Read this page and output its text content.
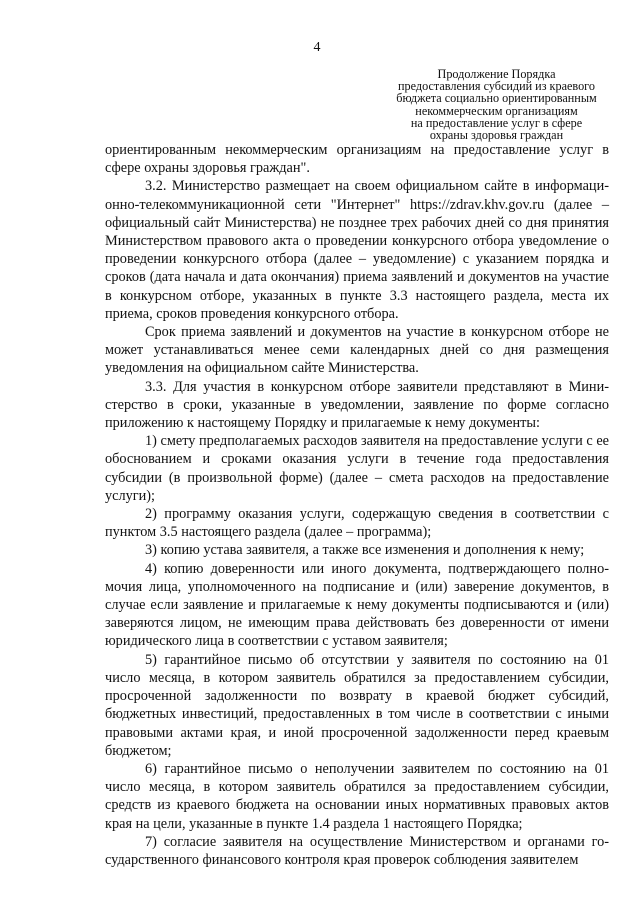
4
Продолжение Порядка
предоставления субсидий из краевого
бюджета социально ориентированным
некоммерческим организациям
на предоставление услуг в сфере
охраны здоровья граждан

ориентированным некоммерческим организациям на предоставление услуг в сфере охраны здоровья граждан".

3.2. Министерство размещает на своем официальном сайте в информационно-телекоммуникационной сети "Интернет" https://zdrav.khv.gov.ru (далее – официальный сайт Министерства) не позднее трех рабочих дней со дня принятия Министерством правового акта о проведении конкурсного отбора уведомление о проведении конкурсного отбора (далее – уведомление) с указанием порядка и сроков (дата начала и дата окончания) приема заявлений и документов на участие в конкурсном отборе, указанных в пункте 3.3 настоящего раздела, места их приема, сроков проведения конкурсного отбора.

Срок приема заявлений и документов на участие в конкурсном отборе не может устанавливаться менее семи календарных дней со дня размещения уведомления на официальном сайте Министерства.

3.3. Для участия в конкурсном отборе заявители представляют в Министерство в сроки, указанные в уведомлении, заявление по форме согласно приложению к настоящему Порядку и прилагаемые к нему документы:

1) смету предполагаемых расходов заявителя на предоставление услуги с ее обоснованием и сроками оказания услуги в течение года предоставления субсидии (в произвольной форме) (далее – смета расходов на предоставление услуги);

2) программу оказания услуги, содержащую сведения в соответствии с пунктом 3.5 настоящего раздела (далее – программа);

3) копию устава заявителя, а также все изменения и дополнения к нему;

4) копию доверенности или иного документа, подтверждающего полномочия лица, уполномоченного на подписание и (или) заверение документов, в случае если заявление и прилагаемые к нему документы подписываются и (или) заверяются лицом, не имеющим права действовать без доверенности от имени юридического лица в соответствии с уставом заявителя;

5) гарантийное письмо об отсутствии у заявителя по состоянию на 01 число месяца, в котором заявитель обратился за предоставлением субсидии, просроченной задолженности по возврату в краевой бюджет субсидий, бюджетных инвестиций, предоставленных в том числе в соответствии с иными правовыми актами края, и иной просроченной задолженности перед краевым бюджетом;

6) гарантийное письмо о неполучении заявителем по состоянию на 01 число месяца, в котором заявитель обратился за предоставлением субсидии, средств из краевого бюджета на основании иных нормативных правовых актов края на цели, указанные в пункте 1.4 раздела 1 настоящего Порядка;

7) согласие заявителя на осуществление Министерством и органами государственного финансового контроля края проверок соблюдения заявителем
